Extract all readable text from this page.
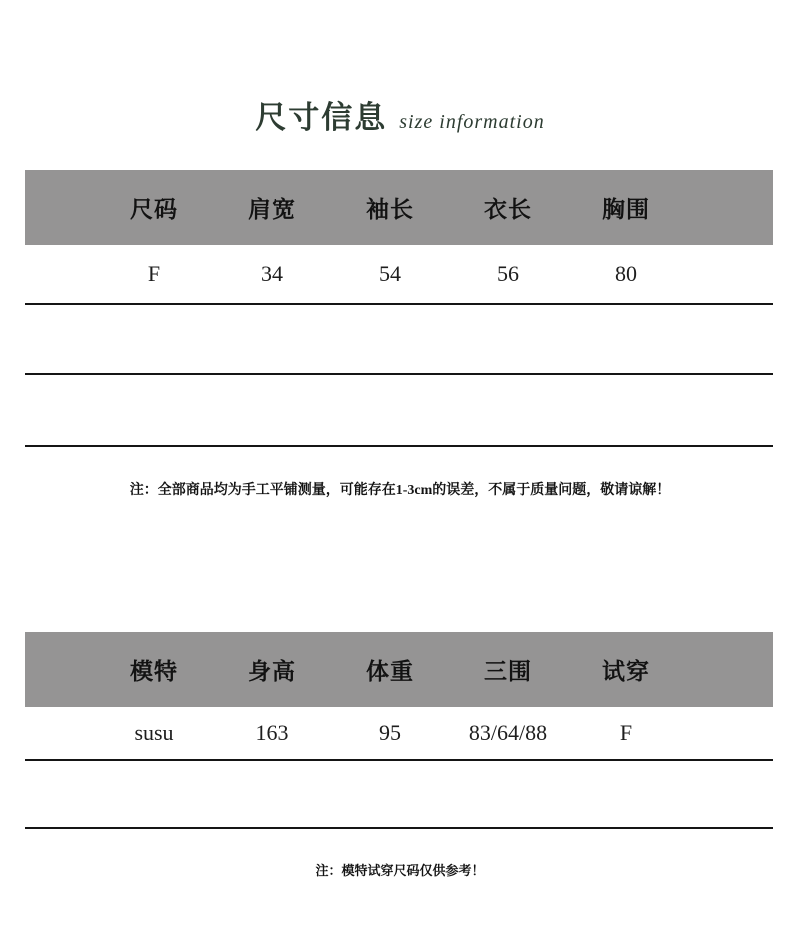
尺寸信息 size information
尺码	肩宽	袖长	衣长	胸围
F	34	54	56	80

注：全部商品均为手工平铺测量，可能存在1-3cm的误差，不属于质量问题，敬请谅解！

模特	身高	体重	三围	试穿
susu	163	95	83/64/88	F

注：模特试穿尺码仅供参考！
